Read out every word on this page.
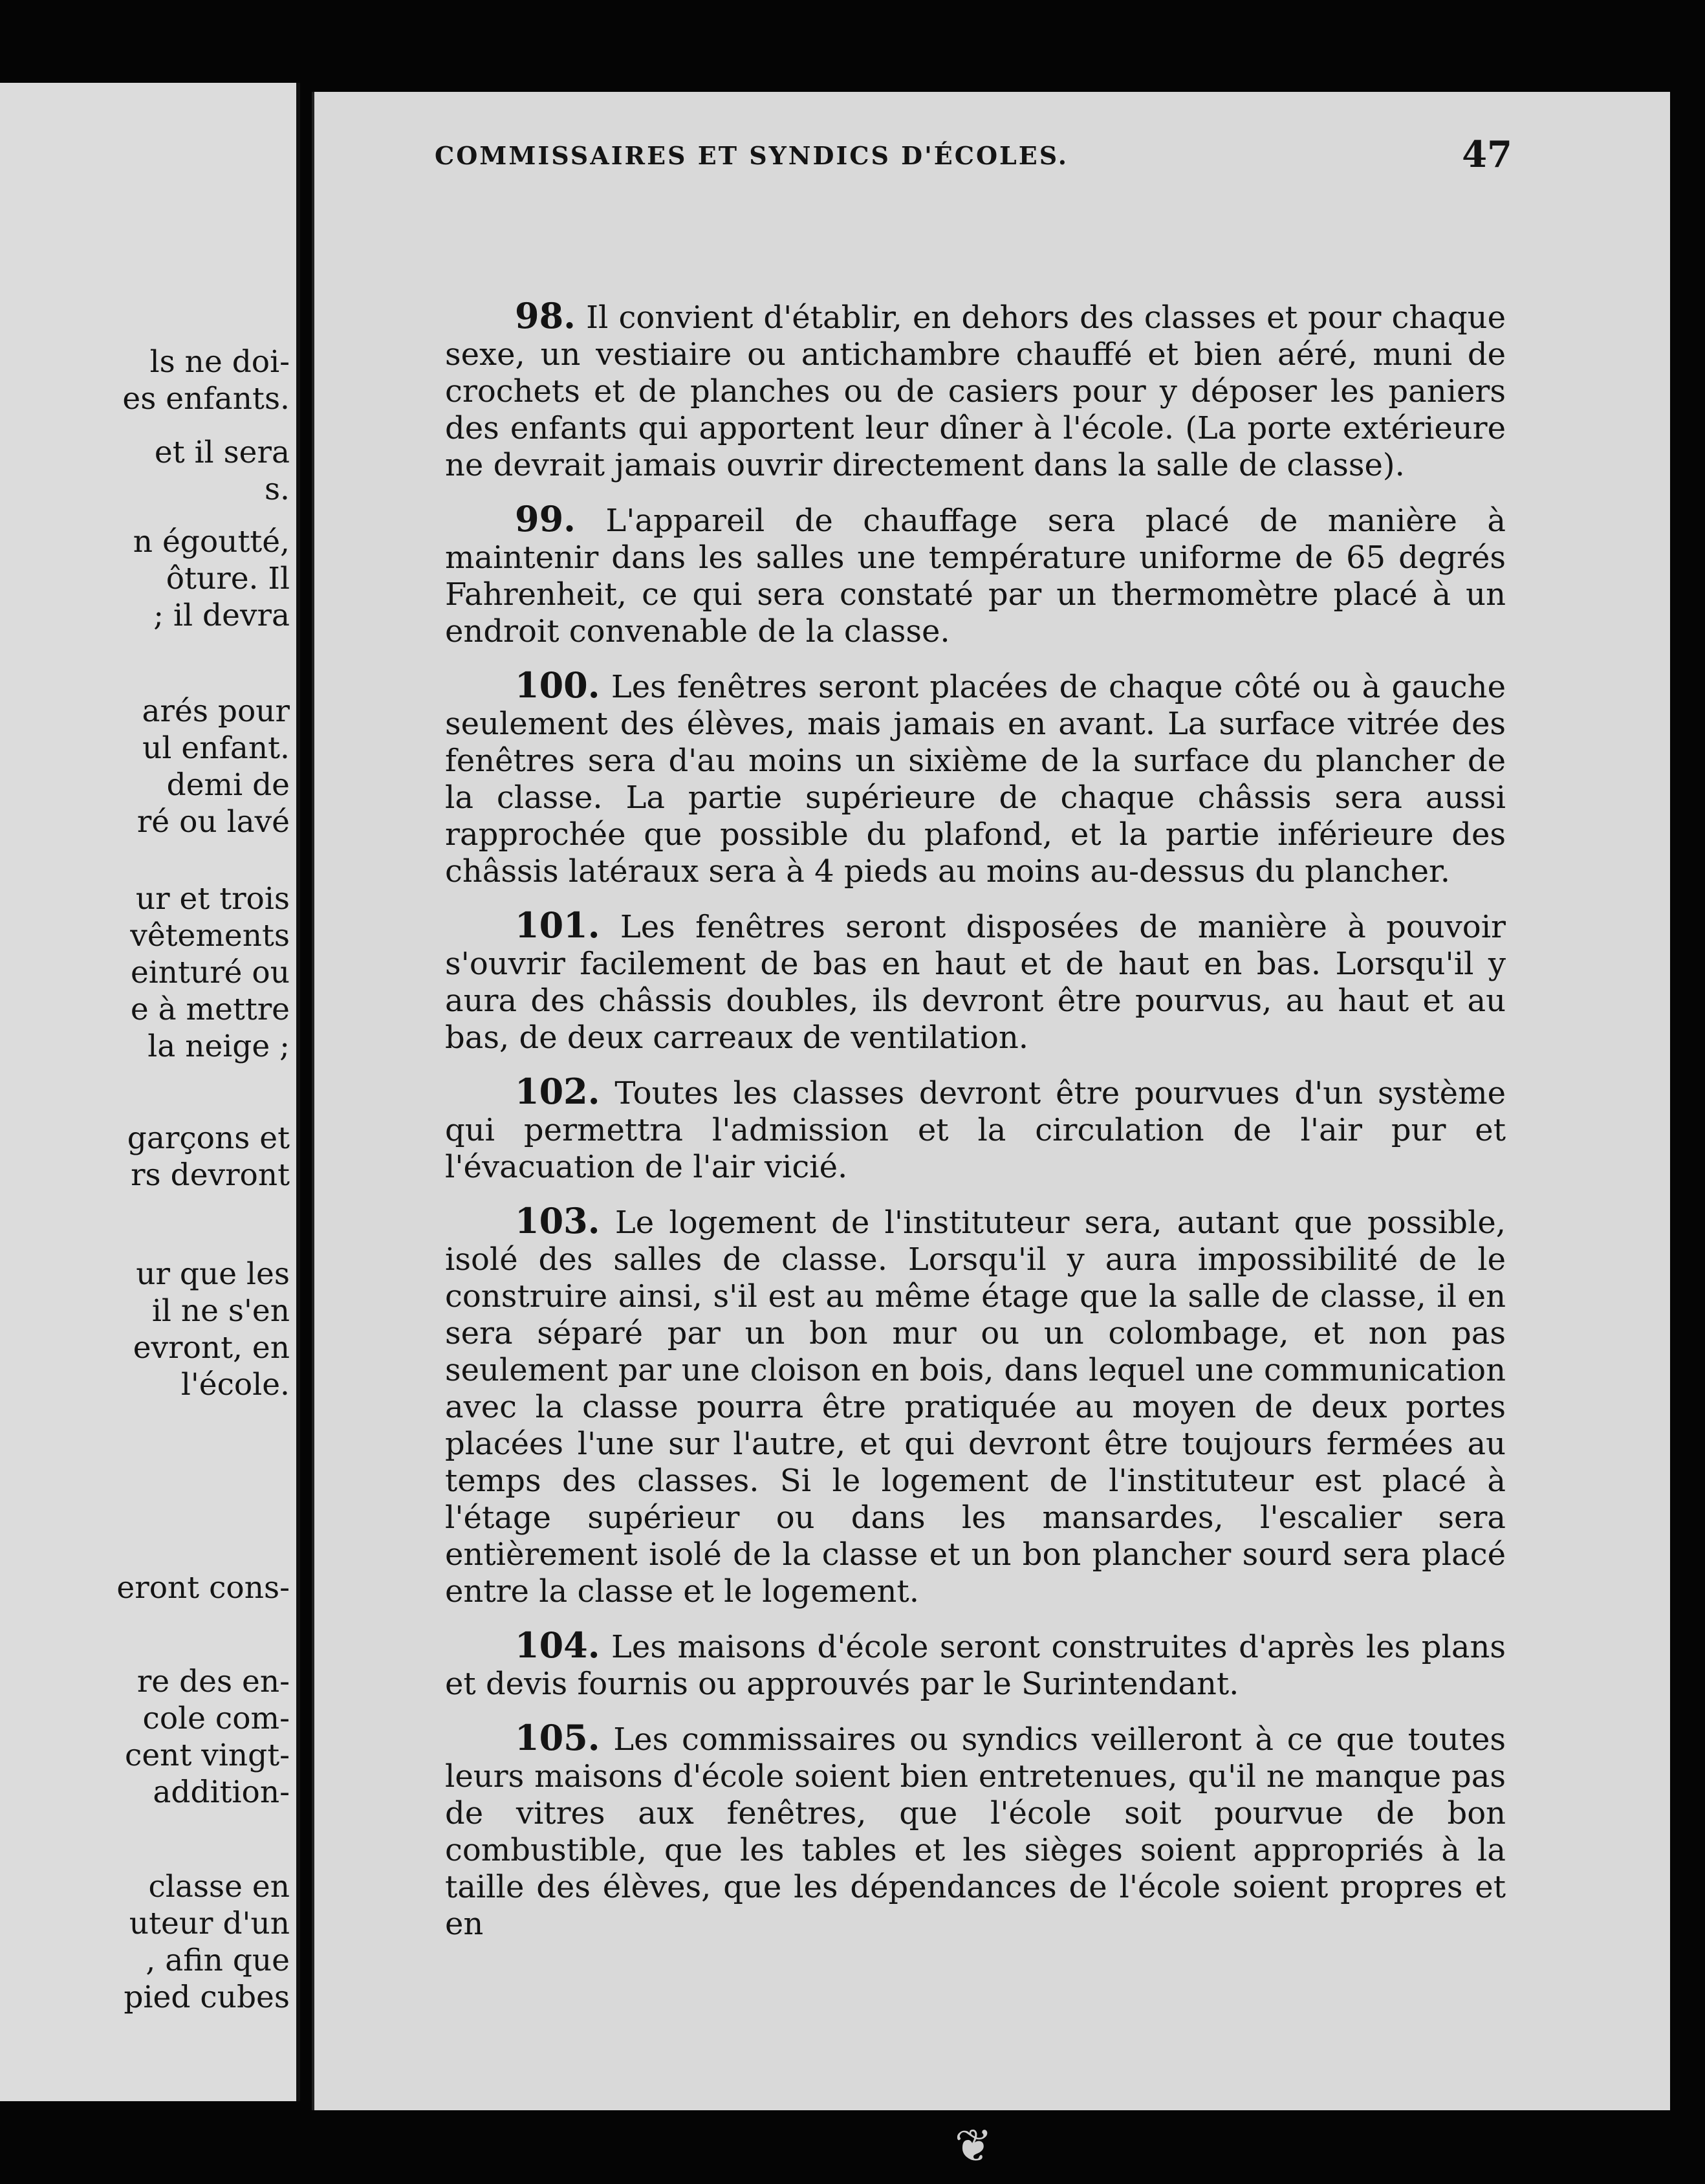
ls ne doi-
es enfants.
et il sera
s.
n égoutté,
ôture. Il
; il devra
arés pour
ul enfant.
demi de
ré ou lavé
ur et trois
vêtements
einturé ou
e à mettre
la neige ;
garçons et
rs devront
ur que les
il ne s'en
evront, en
l'école.
eront cons-
re des en-
cole com-
cent vingt-
addition-
classe en
uteur d'un
, afin que
pied cubes
COMMISSAIRES ET SYNDICS D'ÉCOLES.	47

98. Il convient d'établir, en dehors des classes et pour chaque sexe, un vestiaire ou antichambre chauffé et bien aéré, muni de crochets et de planches ou de casiers pour y déposer les paniers des enfants qui apportent leur dîner à l'école. (La porte extérieure ne devrait jamais ouvrir directement dans la salle de classe).

99. L'appareil de chauffage sera placé de manière à maintenir dans les salles une température uniforme de 65 degrés Fahrenheit, ce qui sera constaté par un thermomètre placé à un endroit convenable de la classe.

100. Les fenêtres seront placées de chaque côté ou à gauche seulement des élèves, mais jamais en avant. La surface vitrée des fenêtres sera d'au moins un sixième de la surface du plancher de la classe. La partie supérieure de chaque châssis sera aussi rapprochée que possible du plafond, et la partie inférieure des châssis latéraux sera à 4 pieds au moins au-dessus du plancher.

101. Les fenêtres seront disposées de manière à pouvoir s'ouvrir facilement de bas en haut et de haut en bas. Lorsqu'il y aura des châssis doubles, ils devront être pourvus, au haut et au bas, de deux carreaux de ventilation.

102. Toutes les classes devront être pourvues d'un système qui permettra l'admission et la circulation de l'air pur et l'évacuation de l'air vicié.

103. Le logement de l'instituteur sera, autant que possible, isolé des salles de classe. Lorsqu'il y aura impossibilité de le construire ainsi, s'il est au même étage que la salle de classe, il en sera séparé par un bon mur ou un colombage, et non pas seulement par une cloison en bois, dans lequel une communication avec la classe pourra être pratiquée au moyen de deux portes placées l'une sur l'autre, et qui devront être toujours fermées au temps des classes. Si le logement de l'instituteur est placé à l'étage supérieur ou dans les mansardes, l'escalier sera entièrement isolé de la classe et un bon plancher sourd sera placé entre la classe et le logement.

104. Les maisons d'école seront construites d'après les plans et devis fournis ou approuvés par le Surintendant.

105. Les commissaires ou syndics veilleront à ce que toutes leurs maisons d'école soient bien entretenues, qu'il ne manque pas de vitres aux fenêtres, que l'école soit pourvue de bon combustible, que les tables et les sièges soient appropriés à la taille des élèves, que les dépendances de l'école soient propres et en

❦
